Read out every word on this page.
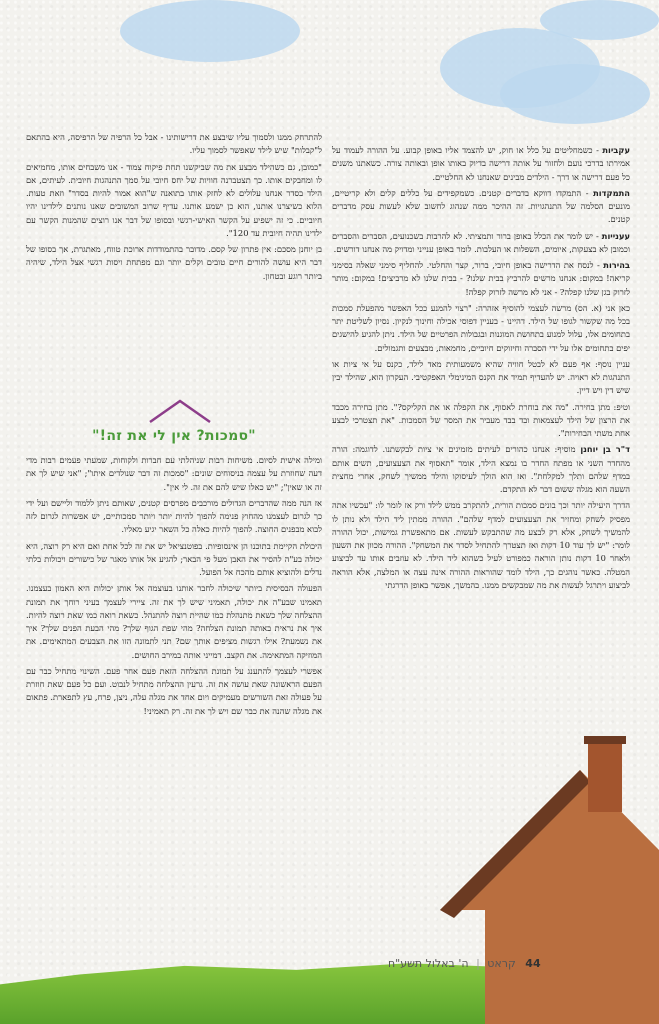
עקביות - כשמחליטים על כלל או חוק, יש להצמד אליו באופן קבוע. על ההורה לעמוד על אמירתו בדרכי נועם ולחזור על אותה דרישה בדיוק באותו אופן ובאותה צורה. כשאתנו משנים כל פעם דרישה או דרך - הילדים מבינים שאנחנו לא החלטיים.

התמקדות - התמקדו דווקא בדברים קטנים. כשמקפידים על כללים קלים ולא קריטיים, מונעים הסלמה של התנהגויות. זה ההיכר ממה שנהוג לחשוב שלא לעשות עסק מדברים קטנים.

עענייות - יש לומר את הכלל באופן ברור ותמציתי. לא להרבות בשכנועים, הסברים והסברים וכמובן לא בצעקות, איומים, השפלות או העלבות. לומר באופן ענייני ומדויק מה אנחנו דורשים.

בהירות - לנסח את הדרישה באופן חיובי, ברור, קצר והחלטי. להחליף סימני שאלה בסימני קריאה! במקום: אנחנו מרשים להרביץ בבית שלנו? - בבית שלנו לא מרביצים! במקום: מותר לזרוק בגן שלנו קפלה? - אני לא מרשה לזרוק קפלה!

כאן אני (א. הס) מרשה לעצמי להוסיף אזהרה: "רצוי להמנע ככל האפשר מהפעלת סמכות בכל מה שקשור לגופו של הילד. דהיינו - בעניין דפוסי אכילה וחינוך לנקיון. נסיון לשליטת יתר בתחומים אלו, עלול למנוע בתחושת המוגנות ובגבולות הפרטיים של הילד. ניתן להגיע להישגים יפים בתחומים אלו על ידי הסברה וחיזוקים חיוביים, מחמאות, מבצעים ותגמולים.

עניין נוסף: אף פעם לא לבטל חוויה שהיא משמעותית מאד לילד, כקנס על אי ציות או התנהגות לא ראויה. יש להעדיף תמיד את הקנס המינימלי האפקטיבי. העקרון הוא, שהילד יבין שיש דין ויש דיין.

וטיפ: מתן בחירה. "מה את בוחרת לאסוף, את הקפלה או את הקליקס?". מתן בחירה מכבד את הרצון של הילד לעצמאות ובד בבד מעביר את המסר של הסמכות. "את תצטרכי לבצע אחת משתי הבחירות".

ד"ר בן יוחנן מוסיף: אנחנו כהורים לעיתים מזמינים אי ציות לבקשתנו. לדוגמה: הורה מהחדר השני או מפתח החדר בו נמצא הילד, אומר "תאסוף את הצעצועים, תשים אותם במדף שלהם ותלך למקלחת". ואז הוא הולך לעיסוקו והילד ממשיך לשחק, אחרי מחצית השעה הוא מגלה ששום דבר לא התקדם.

הדרך היעילה יותר וכך בונים סמכות הורית, להתקרב ממש לילד ורק אז לומר לו: "עכשיו אתה מפסיק לשחק ומחזיר את הצעצועים למדף שלהם". ההורה ממתין ליד הילד ולא נותן לו להמשיך לשחק, אלא רק לבצע מה שהתבקש לעשות. אם מתאפשרת גמישות, יכול ההורה לומר: "יש לך עוד 10 דקות ואז תצטרך להתחיל לסדר את המשחק". ההורה מכוון את השעון ולאחר 10 דקות נותן הוראה כמפורט לעיל כשהוא ליד הילד. לא עוזבים אותו עד לביצוע המטלה. כאשר נוהגים כך, הילד לומד שהוראות ההורה אינה עצה או המלצה, אלא הוראה לביצוע ויתרגל לעשות את מה שמבקשים ממנו. בהמשך, אפשר באופן הדרגתי

להתרחק ממנו ולסמוך עליו שיבצע את דרישותינו - אבל כל הרפיה של הרפיסה, היא בהתאם ל"קבלות" שיש לילד שאפשר לסמוך עליו.

"כמובן, גם כשהילד מבצע את מה שביקשנו תחת פיקוח צמוד - אנו משבחים אותו, מחמיאים לו ומחבקים אותו. כך תצטברנה חוויות של יחס חיובי על סמך התנהגות חיובית. לעיתים, אם הילד בסדר אנחנו עלולים לא לחזק אותו בתואנה ש"הוא אמור להיות בסדר" וזאת טעות. הלוא כשיצרנו אותנו, הוא כן ישמע אותנו. עדיף שרוב המשובים שאנו נותנים לילדינו יהיו חיוביים. כי זה ישפיע על הקשר האישי-רגשי ובסופו של דבר אנו רוצים שהמנות הקשר עם ילדינו תהיה חיובית עד 120".

בן יוחנן מסכם: אין פתרון של קסם. מדובר בהתמודדות ארוכת טווח, מאתגרת, אך בסופו של דבר היא עושה להורים חיים טובים וקלים יותר וגם מפתחת ויסות רגשי אצל הילד, שיהיה ביותר רוגע ובטחון.

"סמכות? אין לי את זה!"

ומילה אישית לסיום. משיחות רבות שניהלתי עם חברות ולקוחות, שמעתי פעמים רבות מדי דעה שחוזרת על עצמה בניסוחים שונים: "סמכות זה דבר שנולדים איתו"; "אני שיש לך את זה או שאין"; "יש כאלו שיש להם את זה. לי אין".

אז הנה ממה שהדברים הגדולים מורכבים מפרסים קטנים, שאותם ניתן ללמוד וליישם ועל ידי כך לגרום לעצמנו מהחוץ פנימה להפוך להיות יותר ויותר סמכותיים, יש אפשרות לגרום לזה לבוא מבפנים החוצה. להפוך להיות כאלה כל השאר יגיע מאליו.

היכולת הקיימת בתוכנו הן אינסופיות. בפוטנציאל יש את זה לכל אחת ואם היא רק רוצה, היא יכולה בע"ה להסיר את האבן מעל פי הבאר; להגיע אל אותו מאגר של כישורים ויכולות בלתי נדלים ולהוציא אותם מהכח אל הפועל.

הפעולה הבסיסית ביותר שיכולה לחבר אותנו בעוצמה אל אותן יכולות היא האמון בעצמנו. תאמינו שבע"ה את יכולה, תאמיני שיש לך את זה. ציירי לעצמך בעיני רוחך את תמונת ההצלחה שלך כשאת מתנהלת כמו שהיית רוצה להתנהל. כשאת רואה כמו שאת רוצה להיות. איך את נראית באותה תמונת הצלחה? מהי שפת הגוף שלך? מהי הבעת הפנים שלך? איך את נשמעת? אילו רגשות מציפים אותך שם? תני לתמונה הזו את הצבעים המתאימים. את המוזיקה המתאימה. את הקצב. דמייני אותה במירב החושים.

אפשרי לעצמך להתענג על תמונת ההצלחה הזאת פעם אחר פעם. השינוי מתחיל כבר עם הפעם הראשונה שאת עושה את זה. גרעין ההצלחה מתחיל לנבוט. ועם כל פעם שאת חוזרת על פעולה זאת השורשים מעמיקים ויום אחד את מגלה עלה, ניצן, פרח, עץ לתפארת. פתאום את מגלה שהנה את כבר שם ויש לך את זה. רק תאמיני!

44 קראט | ה' באלול תשע"ח
